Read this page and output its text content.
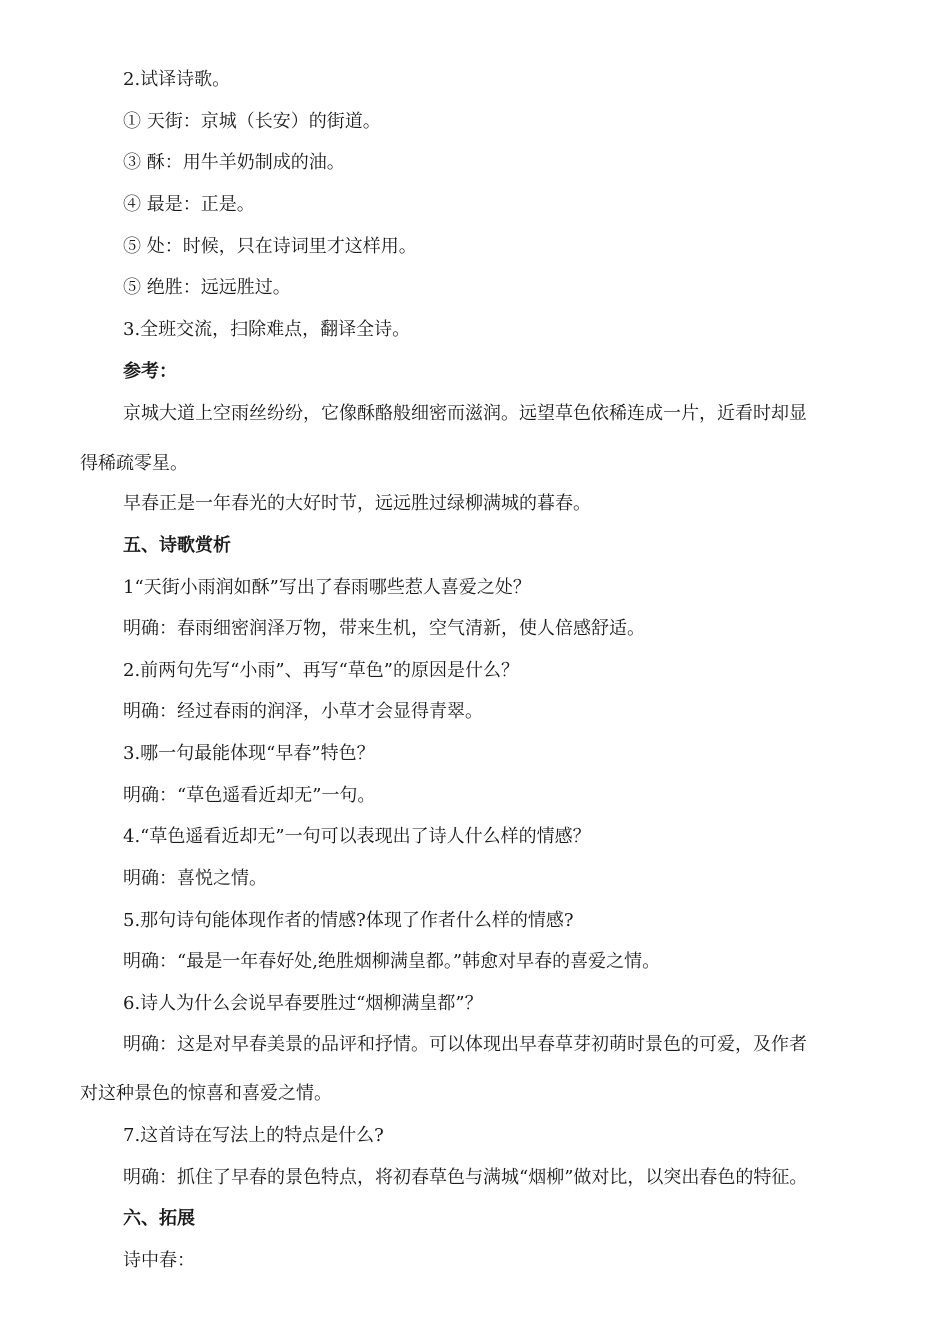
2.试译诗歌。
① 天街：京城（长安）的街道。
③ 酥：用牛羊奶制成的油。
④ 最是：正是。
⑤ 处：时候，只在诗词里才这样用。
⑤ 绝胜：远远胜过。
3.全班交流，扫除难点，翻译全诗。
参考：
京城大道上空雨丝纷纷，它像酥酪般细密而滋润。远望草色依稀连成一片，近看时却显
得稀疏零星。
早春正是一年春光的大好时节，远远胜过绿柳满城的暮春。
五、诗歌赏析
1“天街小雨润如酥”写出了春雨哪些惹人喜爱之处？
明确：春雨细密润泽万物，带来生机，空气清新，使人倍感舒适。
2.前两句先写“小雨”、再写“草色”的原因是什么？
明确：经过春雨的润泽，小草才会显得青翠。
3.哪一句最能体现“早春”特色？
明确：“草色遥看近却无”一句。
4.“草色遥看近却无”一句可以表现出了诗人什么样的情感？
明确：喜悦之情。
5.那句诗句能体现作者的情感?体现了作者什么样的情感?
明确：“最是一年春好处,绝胜烟柳满皇都。”韩愈对早春的喜爱之情。
6.诗人为什么会说早春要胜过“烟柳满皇都”？
明确：这是对早春美景的品评和抒情。可以体现出早春草芽初萌时景色的可爱，及作者
对这种景色的惊喜和喜爱之情。
7.这首诗在写法上的特点是什么?
明确：抓住了早春的景色特点，将初春草色与满城“烟柳”做对比，以突出春色的特征。
六、拓展
诗中春：
